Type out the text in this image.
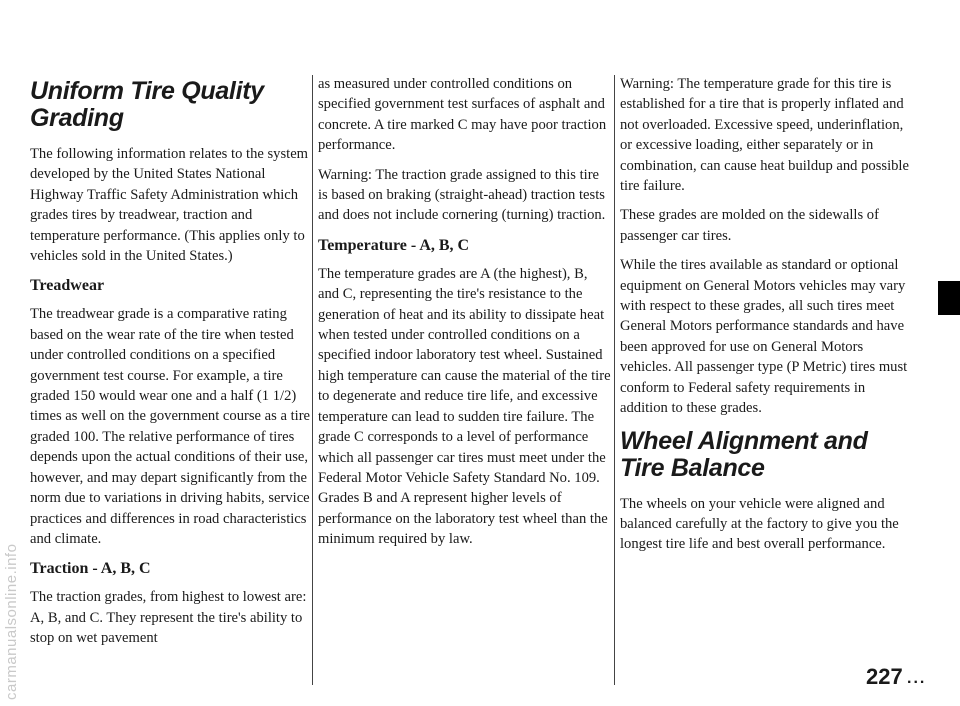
carmanualsonline.info
Uniform Tire Quality Grading

The following information relates to the system developed by the United States National Highway Traffic Safety Administration which grades tires by treadwear, traction and temperature performance. (This applies only to vehicles sold in the United States.)

Treadwear

The treadwear grade is a comparative rating based on the wear rate of the tire when tested under controlled conditions on a specified government test course. For example, a tire graded 150 would wear one and a half (1 1/2) times as well on the government course as a tire graded 100. The relative performance of tires depends upon the actual conditions of their use, however, and may depart significantly from the norm due to variations in driving habits, service practices and differences in road characteristics and climate.

Traction - A, B, C

The traction grades, from highest to lowest are: A, B, and C. They represent the tire's ability to stop on wet pavement

as measured under controlled conditions on specified government test surfaces of asphalt and concrete. A tire marked C may have poor traction performance.

Warning: The traction grade assigned to this tire is based on braking (straight-ahead) traction tests and does not include cornering (turning) traction.

Temperature - A, B, C

The temperature grades are A (the highest), B, and C, representing the tire's resistance to the generation of heat and its ability to dissipate heat when tested under controlled conditions on a specified indoor laboratory test wheel. Sustained high temperature can cause the material of the tire to degenerate and reduce tire life, and excessive temperature can lead to sudden tire failure. The grade C corresponds to a level of performance which all passenger car tires must meet under the Federal Motor Vehicle Safety Standard No. 109. Grades B and A represent higher levels of performance on the laboratory test wheel than the minimum required by law.

Warning: The temperature grade for this tire is established for a tire that is properly inflated and not overloaded. Excessive speed, underinflation, or excessive loading, either separately or in combination, can cause heat buildup and possible tire failure.

These grades are molded on the sidewalls of passenger car tires.

While the tires available as standard or optional equipment on General Motors vehicles may vary with respect to these grades, all such tires meet General Motors performance standards and have been approved for use on General Motors vehicles. All passenger type (P Metric) tires must conform to Federal safety requirements in addition to these grades.

Wheel Alignment and Tire Balance

The wheels on your vehicle were aligned and balanced carefully at the factory to give you the longest tire life and best overall performance.

227 ...
